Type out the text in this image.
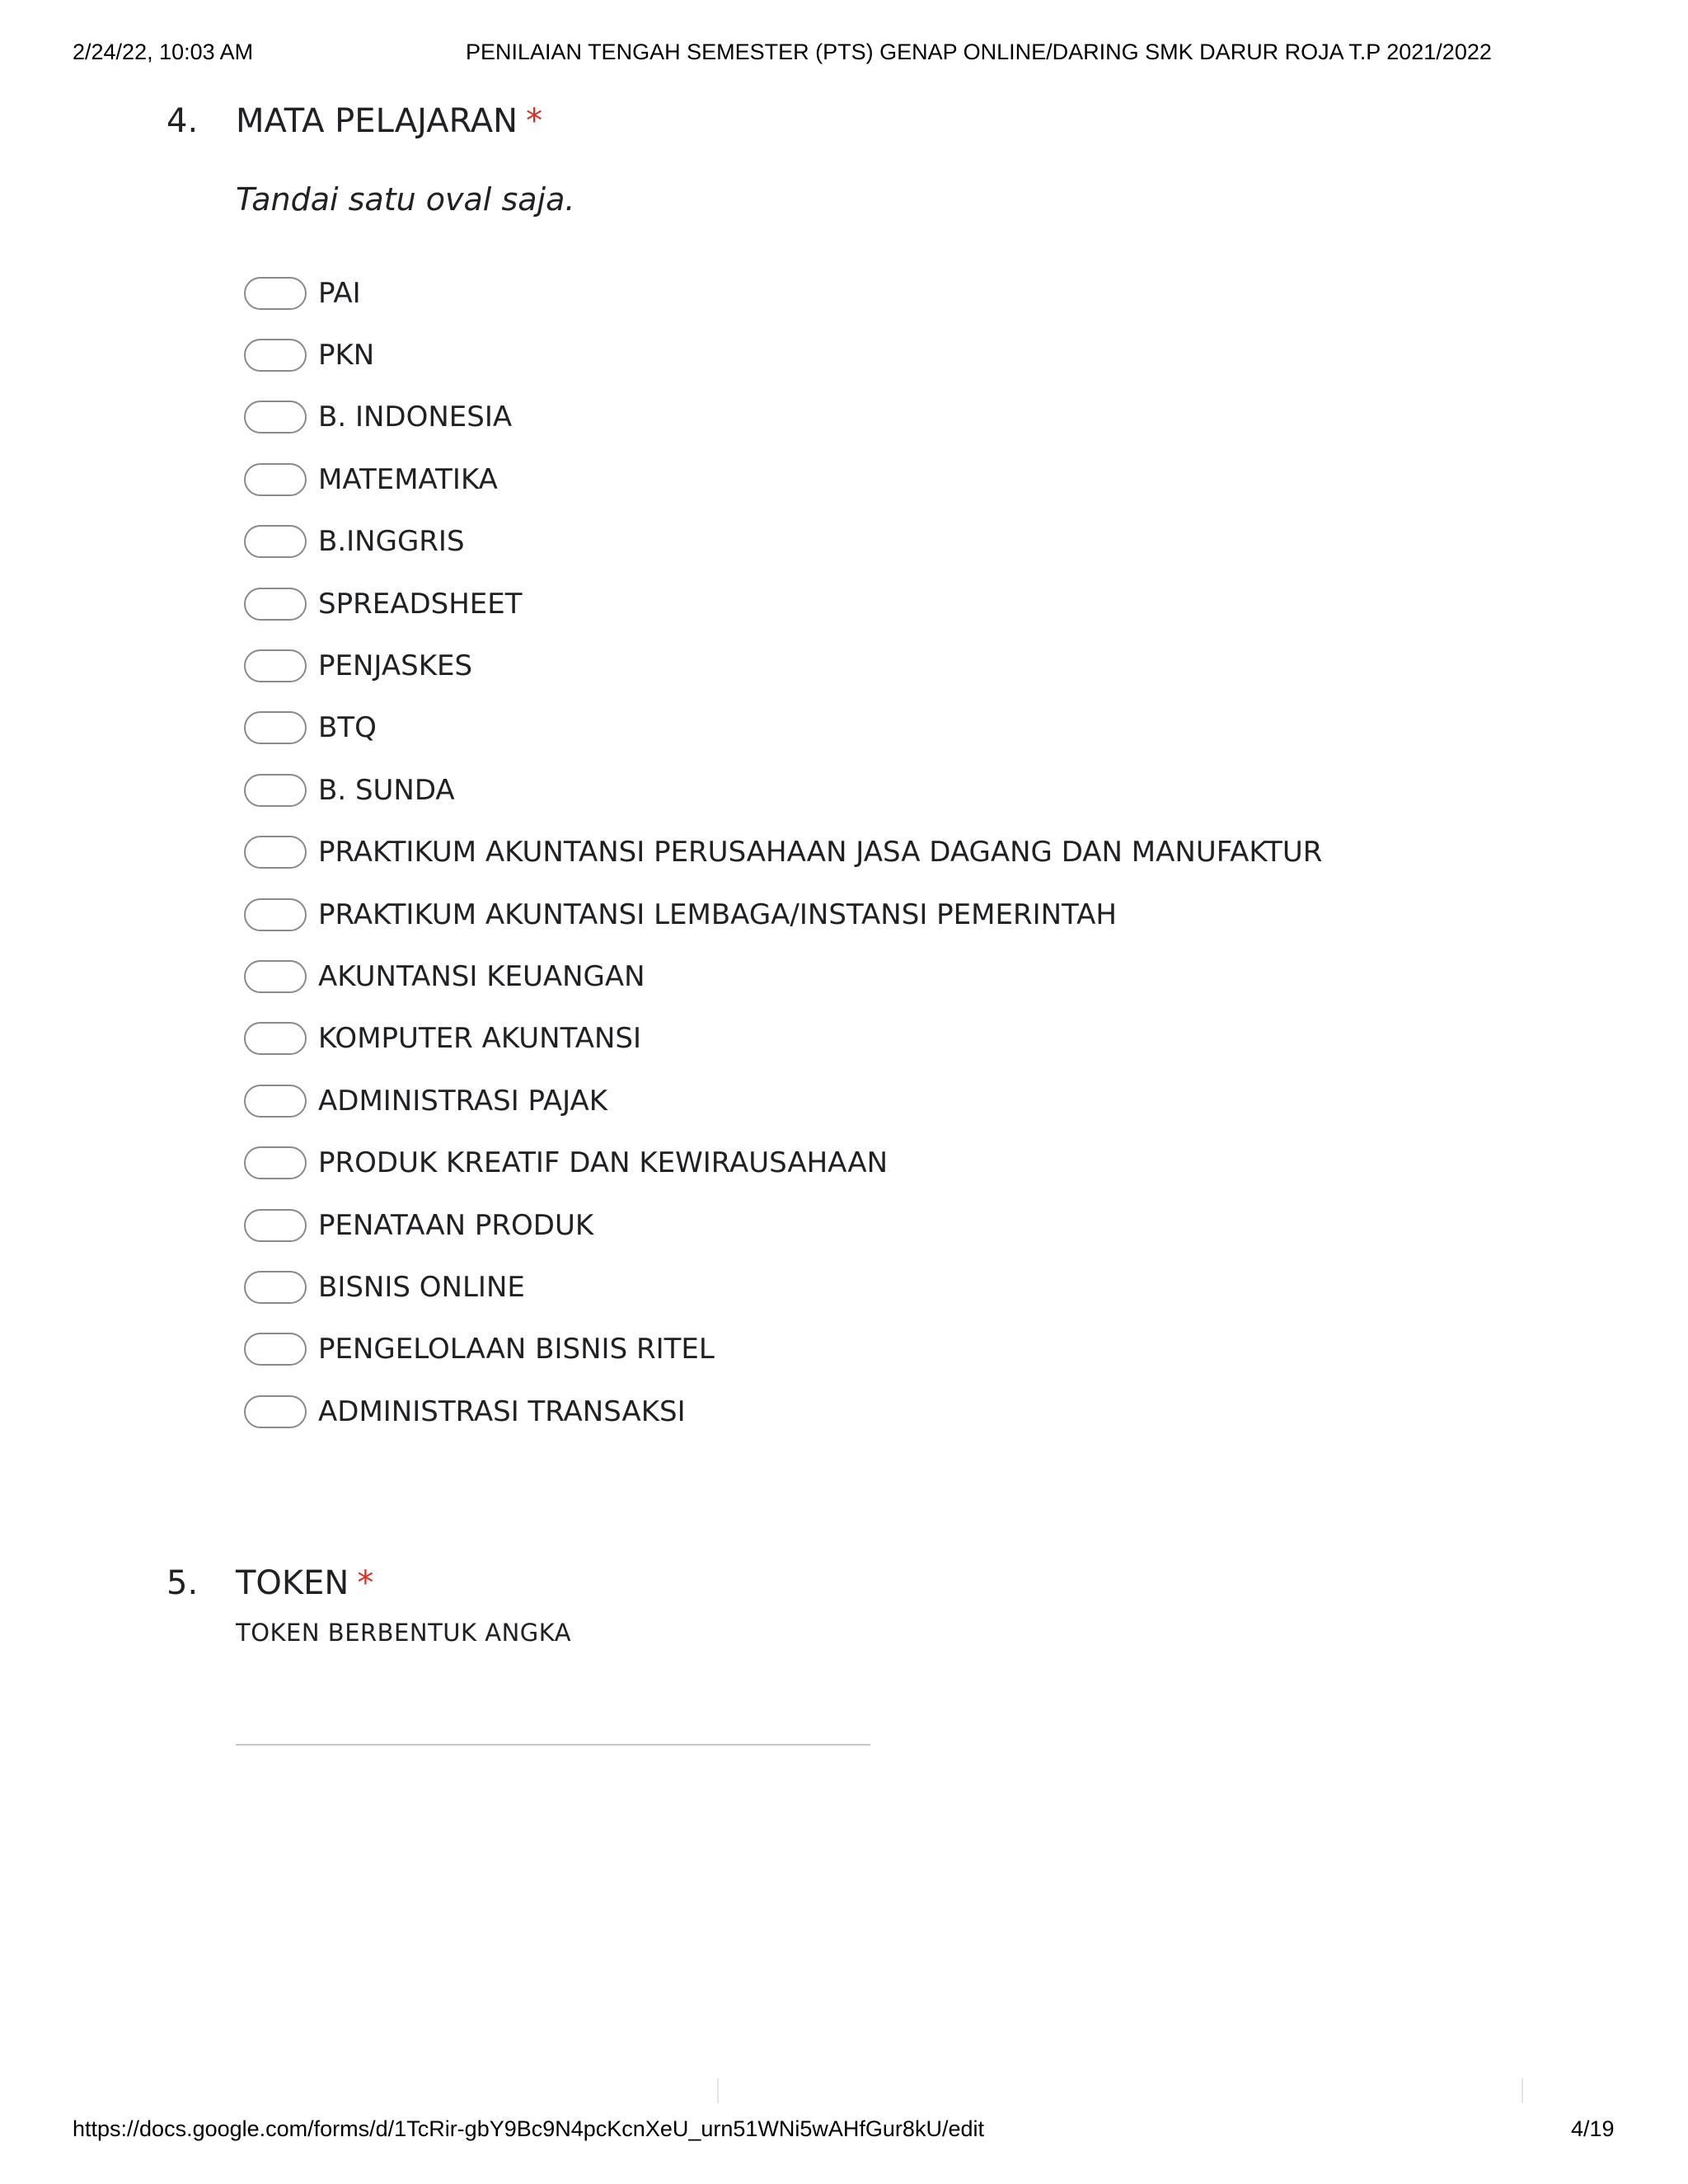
2/24/22, 10:03 AM	PENILAIAN TENGAH SEMESTER (PTS) GENAP ONLINE/DARING SMK DARUR ROJA T.P 2021/2022
4. MATA PELAJARAN *
Tandai satu oval saja.
PAI
PKN
B. INDONESIA
MATEMATIKA
B.INGGRIS
SPREADSHEET
PENJASKES
BTQ
B. SUNDA
PRAKTIKUM AKUNTANSI PERUSAHAAN JASA DAGANG DAN MANUFAKTUR
PRAKTIKUM AKUNTANSI LEMBAGA/INSTANSI PEMERINTAH
AKUNTANSI KEUANGAN
KOMPUTER AKUNTANSI
ADMINISTRASI PAJAK
PRODUK KREATIF DAN KEWIRAUSAHAAN
PENATAAN PRODUK
BISNIS ONLINE
PENGELOLAAN BISNIS RITEL
ADMINISTRASI TRANSAKSI
5. TOKEN *
TOKEN BERBENTUK ANGKA
https://docs.google.com/forms/d/1TcRir-gbY9Bc9N4pcKcnXeU_urn51WNi5wAHfGur8kU/edit	4/19
